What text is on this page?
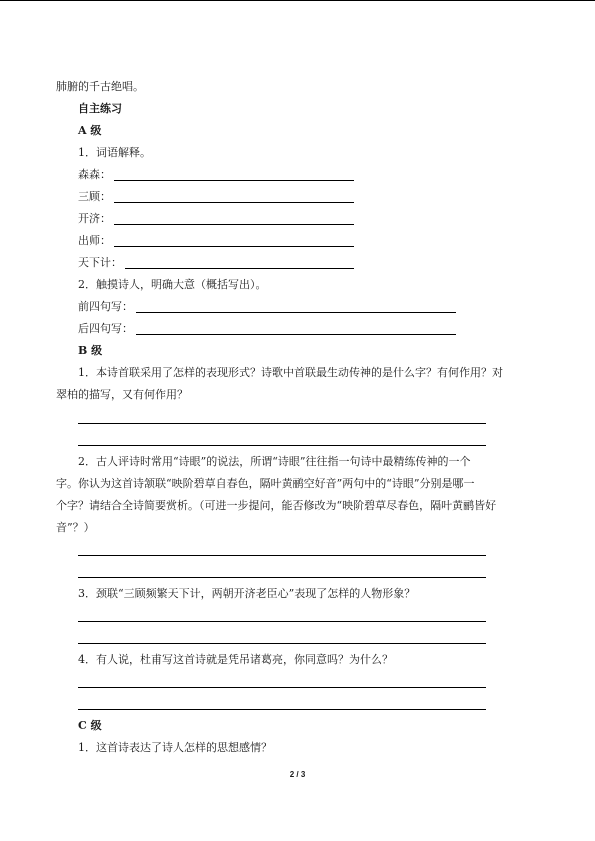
肺腑的千古绝唱。
自主练习
A 级
1．词语解释。
森森：
三顾：
开济：
出师：
天下计：
2．触摸诗人，明确大意（概括写出）。
前四句写：
后四句写：
B 级
1．本诗首联采用了怎样的表现形式？诗歌中首联最生动传神的是什么字？有何作用？对
翠柏的描写，又有何作用？
2．古人评诗时常用“诗眼”的说法，所谓“诗眼”往往指一句诗中最精练传神的一个
字。你认为这首诗颔联“映阶碧草自春色，隔叶黄鹂空好音”两句中的“诗眼”分别是哪一
个字？请结合全诗简要赏析。（可进一步提问，能否修改为“映阶碧草尽春色，隔叶黄鹂皆好
音”？）
3．颈联“三顾频繁天下计，两朝开济老臣心”表现了怎样的人物形象？
4．有人说，杜甫写这首诗就是凭吊诸葛亮，你同意吗？为什么？
C 级
1．这首诗表达了诗人怎样的思想感情？
2 / 3
